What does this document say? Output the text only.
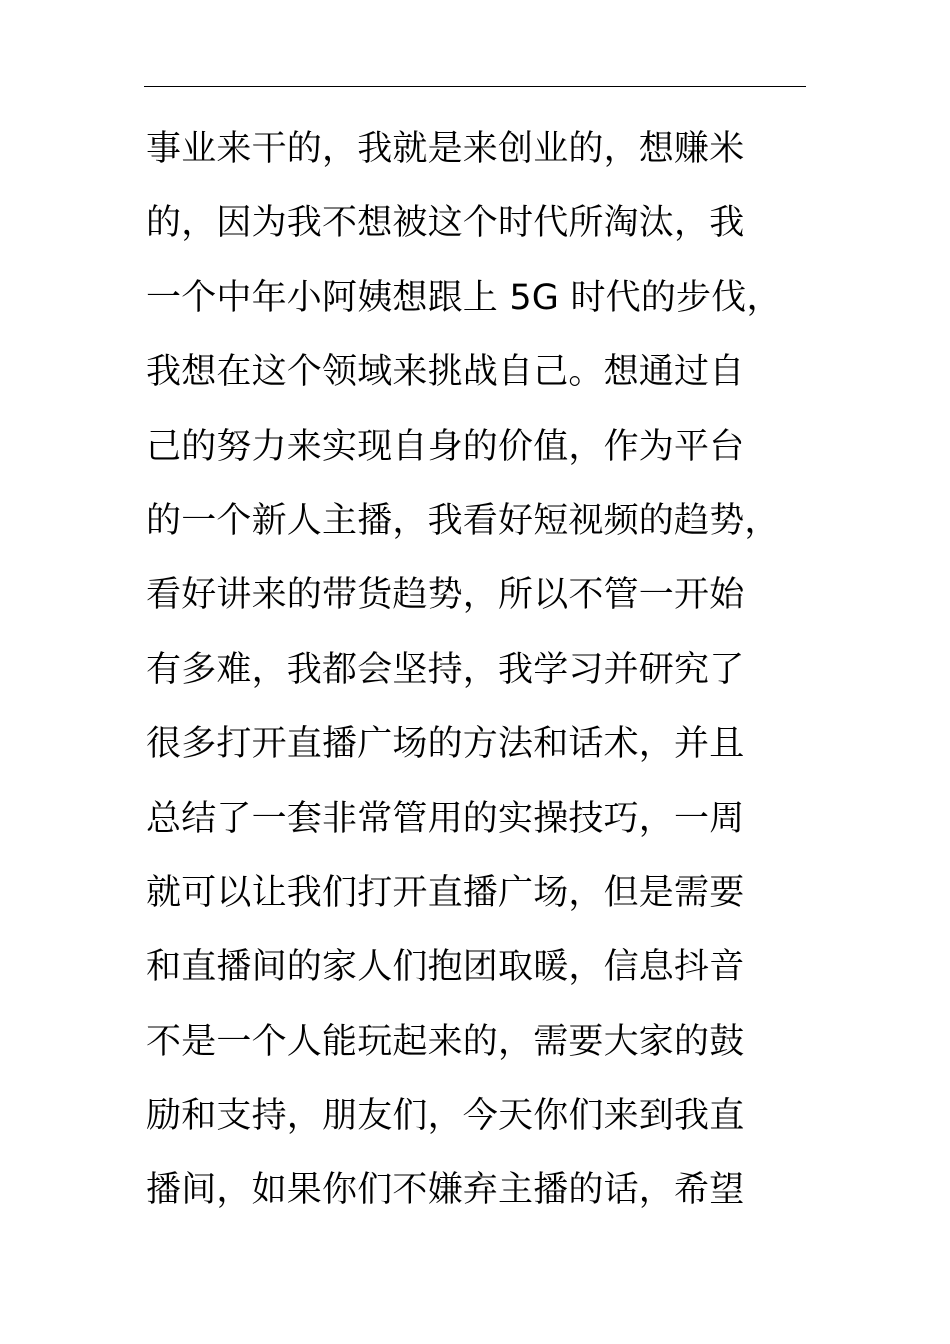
事业来干的，我就是来创业的，想赚米
的，因为我不想被这个时代所淘汰，我
一个中年小阿姨想跟上 5G 时代的步伐，
我想在这个领域来挑战自己。想通过自
己的努力来实现自身的价值，作为平台
的一个新人主播，我看好短视频的趋势，
看好讲来的带货趋势，所以不管一开始
有多难，我都会坚持，我学习并研究了
很多打开直播广场的方法和话术，并且
总结了一套非常管用的实操技巧，一周
就可以让我们打开直播广场，但是需要
和直播间的家人们抱团取暖，信息抖音
不是一个人能玩起来的，需要大家的鼓
励和支持，朋友们，今天你们来到我直
播间，如果你们不嫌弃主播的话，希望
